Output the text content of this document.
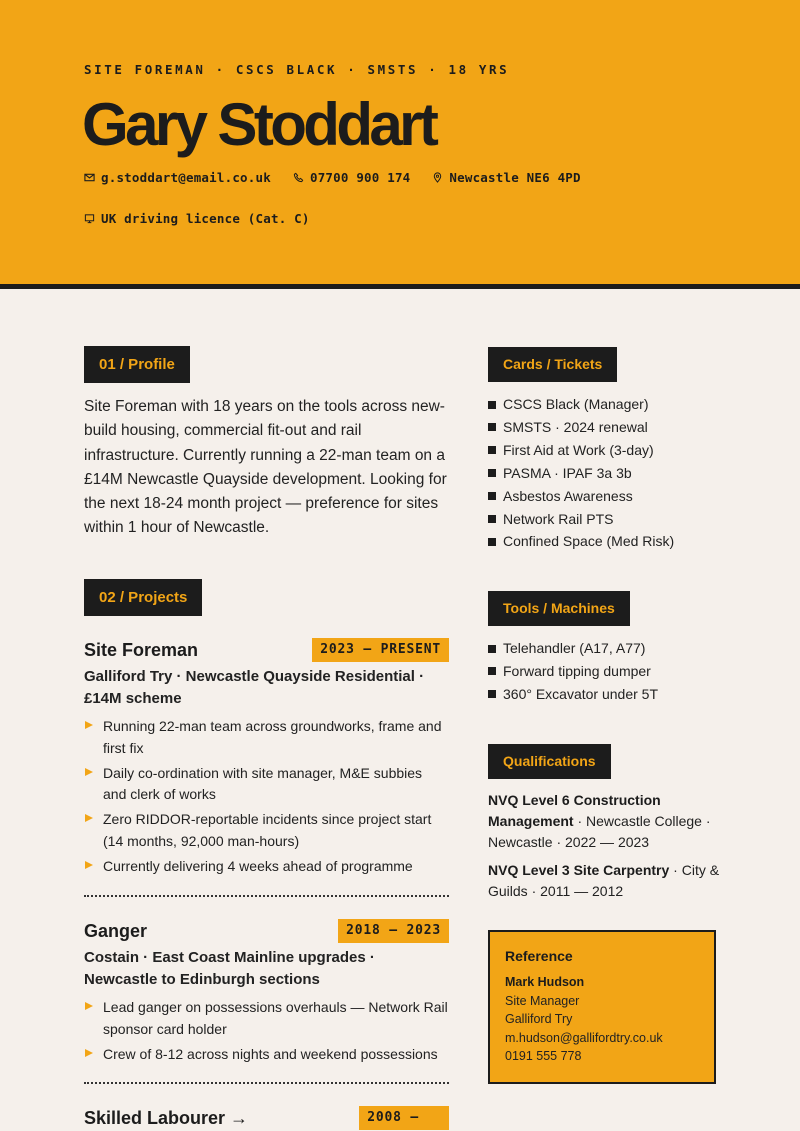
SITE FOREMAN · CSCS BLACK · SMSTS · 18 YRS
Gary Stoddart
g.stoddart@email.co.uk	07700 900 174	Newcastle NE6 4PD
UK driving licence (Cat. C)
01 / Profile
Site Foreman with 18 years on the tools across new-build housing, commercial fit-out and rail infrastructure. Currently running a 22-man team on a £14M Newcastle Quayside development. Looking for the next 18-24 month project — preference for sites within 1 hour of Newcastle.
02 / Projects
Site Foreman	2023 — PRESENT
Galliford Try · Newcastle Quayside Residential · £14M scheme
Running 22-man team across groundworks, frame and first fix
Daily co-ordination with site manager, M&E subbies and clerk of works
Zero RIDDOR-reportable incidents since project start (14 months, 92,000 man-hours)
Currently delivering 4 weeks ahead of programme
Ganger	2018 — 2023
Costain · East Coast Mainline upgrades · Newcastle to Edinburgh sections
Lead ganger on possessions overhauls — Network Rail sponsor card holder
Crew of 8-12 across nights and weekend possessions
Skilled Labourer →	2008 —
Cards / Tickets
CSCS Black (Manager)
SMSTS · 2024 renewal
First Aid at Work (3-day)
PASMA · IPAF 3a 3b
Asbestos Awareness
Network Rail PTS
Confined Space (Med Risk)
Tools / Machines
Telehandler (A17, A77)
Forward tipping dumper
360° Excavator under 5T
Qualifications
NVQ Level 6 Construction Management · Newcastle College · Newcastle · 2022 — 2023
NVQ Level 3 Site Carpentry · City & Guilds · 2011 — 2012
Reference
Mark Hudson
Site Manager
Galliford Try
m.hudson@gallifordtry.co.uk
0191 555 778
